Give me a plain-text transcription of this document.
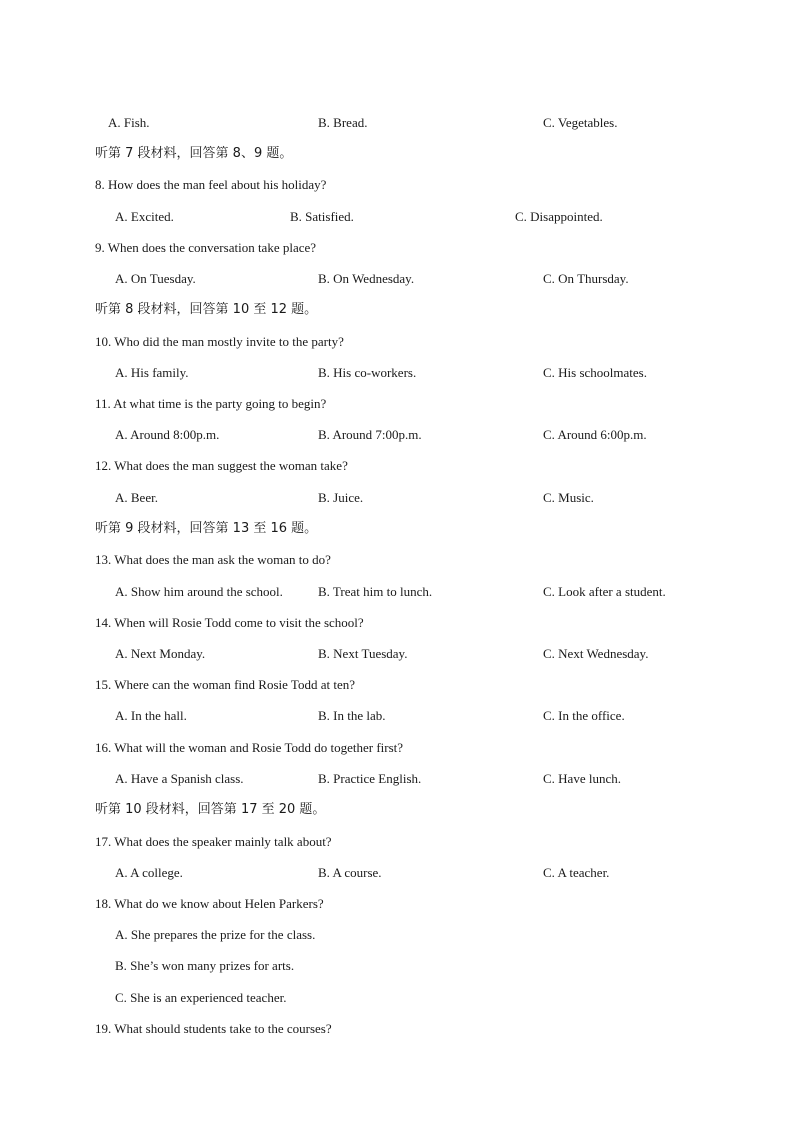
A. Fish.	B. Bread.	C. Vegetables.
听第 7 段材料，回答第 8、9 题。
8. How does the man feel about his holiday?
A. Excited.	B. Satisfied.	C. Disappointed.
9. When does the conversation take place?
A. On Tuesday.	B. On Wednesday.	C. On Thursday.
听第 8 段材料，回答第 10 至 12 题。
10. Who did the man mostly invite to the party?
A. His family.	B. His co-workers.	C. His schoolmates.
11. At what time is the party going to begin?
A. Around 8:00p.m.	B. Around 7:00p.m.	C. Around 6:00p.m.
12. What does the man suggest the woman take?
A. Beer.	B. Juice.	C. Music.
听第 9 段材料，回答第 13 至 16 题。
13. What does the man ask the woman to do?
A. Show him around the school.	B. Treat him to lunch.	C. Look after a student.
14. When will Rosie Todd come to visit the school?
A. Next Monday.	B. Next Tuesday.	C. Next Wednesday.
15. Where can the woman find Rosie Todd at ten?
A. In the hall.	B. In the lab.	C. In the office.
16. What will the woman and Rosie Todd do together first?
A. Have a Spanish class.	B. Practice English.	C. Have lunch.
听第 10 段材料，回答第 17 至 20 题。
17. What does the speaker mainly talk about?
A. A college.	B. A course.	C. A teacher.
18. What do we know about Helen Parkers?
A. She prepares the prize for the class.
B. She’s won many prizes for arts.
C. She is an experienced teacher.
19. What should students take to the courses?
